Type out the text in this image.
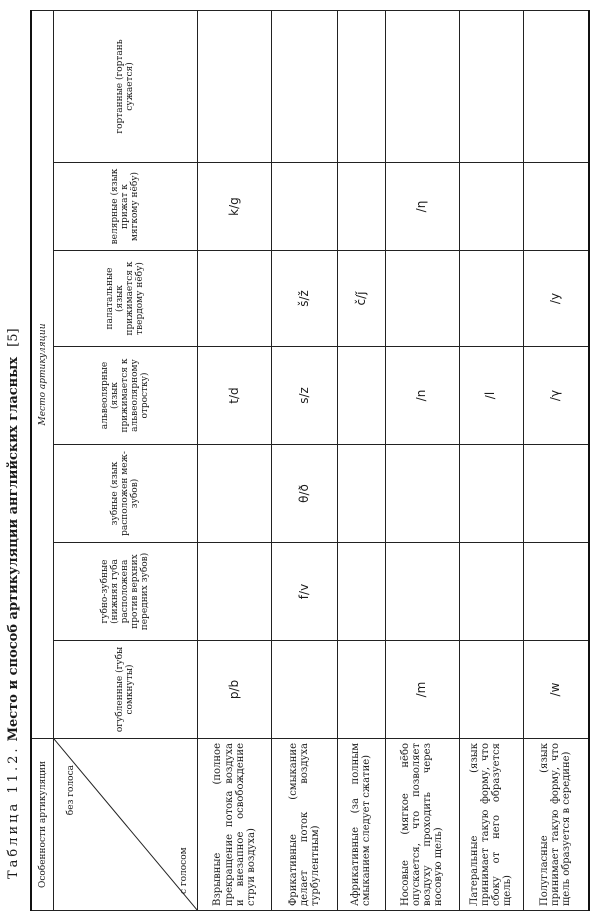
Таблица 11.2. Место и способ артикуляции английских гласных [5]
Особенности артикуляции	Место артикуляции						

без голоса
с голосом	огубленные (губы сомкнуты)	губно-зубные (нижняя губа расположена против верхних передних зубов)	зубные (язык расположен меж-зубов)	альвеолярные (язык прижимается к альвеолярному отростку)	палатальные (язык прижимается к твердому нёбу)	велярные (язык прижат к мягкому нёбу)	гортанные (гортань сужается)
Взрывные (полное прекращение потока воздуха и внезапное освобождение струи воздуха)	p/b			t/d		k/g	
Фрикативные (смыкание делает поток воздуха турбулентным)		f/v	θ/ð	s/z	š/ž		
Африкативные (за полным смыканием следует сжатие)					č/ǰ		
Носовые (мягкое нёбо опускается, что позволяет воздуху проходить через носовую щель)	/m			/n		/η	
Латеральные (язык принимает такую форму, что сбоку от него образуется щель)				/l			
Полугласные (язык принимает такую форму, что щель образуется в середине)	/w			/γ	/y		
